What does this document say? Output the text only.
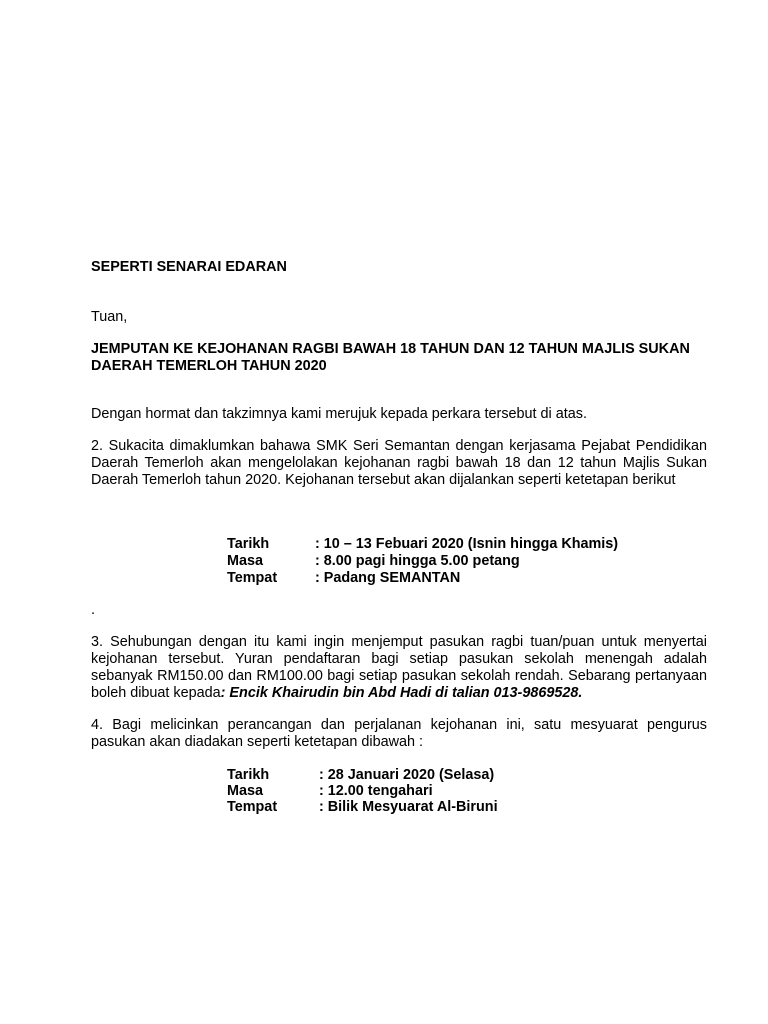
SEPERTI SENARAI EDARAN
Tuan,
JEMPUTAN KE KEJOHANAN RAGBI BAWAH 18 TAHUN DAN 12 TAHUN MAJLIS SUKAN
DAERAH TEMERLOH TAHUN 2020
Dengan hormat dan takzimnya kami merujuk kepada perkara tersebut di atas.
2. Sukacita dimaklumkan bahawa SMK Seri Semantan dengan kerjasama Pejabat Pendidikan Daerah Temerloh akan mengelolakan kejohanan ragbi bawah 18 dan 12 tahun Majlis Sukan Daerah Temerloh tahun 2020. Kejohanan tersebut akan dijalankan seperti ketetapan berikut
Tarikh	: 10 – 13 Febuari 2020 (Isnin hingga Khamis)
Masa	: 8.00 pagi hingga 5.00 petang
Tempat	: Padang SEMANTAN
.
3. Sehubungan dengan itu kami ingin menjemput pasukan ragbi tuan/puan untuk menyertai kejohanan tersebut. Yuran pendaftaran bagi setiap pasukan sekolah menengah adalah sebanyak RM150.00 dan RM100.00 bagi setiap pasukan sekolah rendah. Sebarang pertanyaan boleh dibuat kepada: Encik Khairudin bin Abd Hadi di talian 013-9869528.
4. Bagi melicinkan perancangan dan perjalanan kejohanan ini, satu mesyuarat pengurus pasukan akan diadakan seperti ketetapan dibawah :
Tarikh	: 28 Januari 2020 (Selasa)
Masa	: 12.00 tengahari
Tempat	: Bilik Mesyuarat Al-Biruni
